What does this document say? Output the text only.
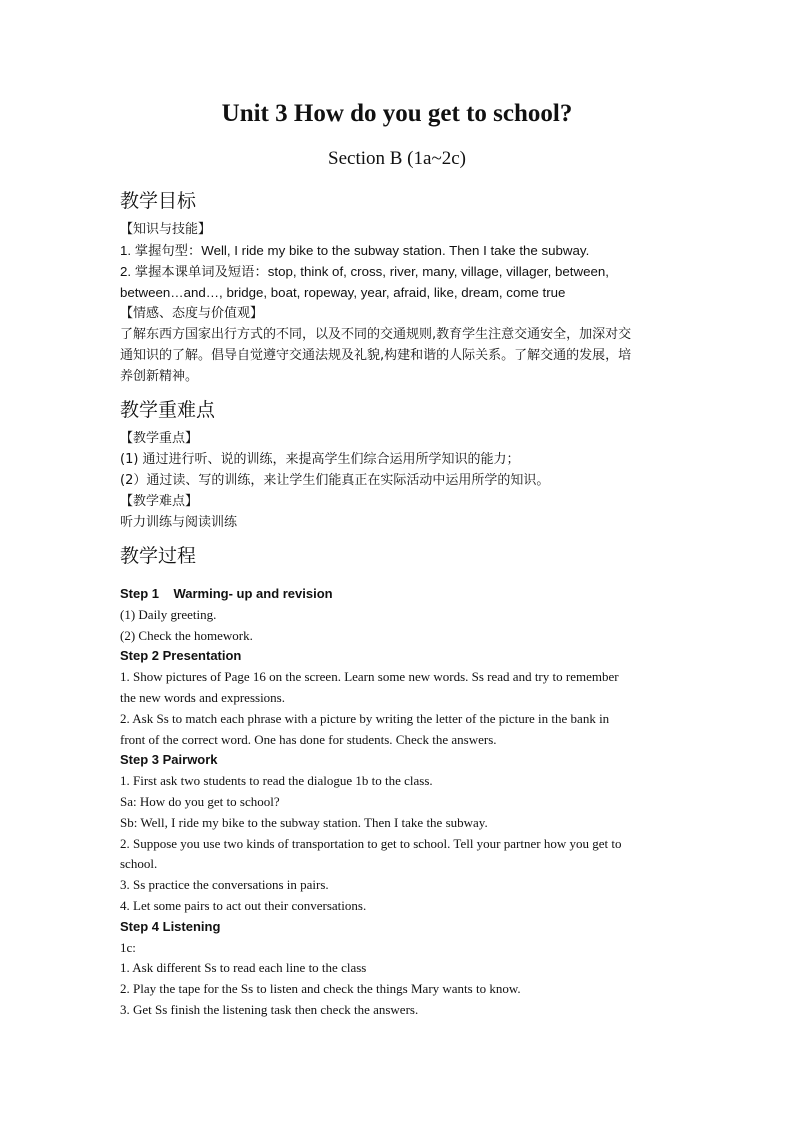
Unit 3 How do you get to school?
Section B (1a~2c)
教学目标

【知识与技能】

1. 掌握句型：Well, I ride my bike to the subway station. Then I take the subway.

2. 掌握本课单词及短语：stop, think of, cross, river, many, village, villager, between,

between…and…, bridge, boat, ropeway, year, afraid, like, dream, come true

【情感、态度与价值观】

了解东西方国家出行方式的不同，以及不同的交通规则,教育学生注意交通安全，加深对交

通知识的了解。倡导自觉遵守交通法规及礼貌,构建和谐的人际关系。了解交通的发展，培

养创新精神。

教学重难点

【教学重点】

(1) 通过进行听、说的训练，来提高学生们综合运用所学知识的能力；

(2）通过读、写的训练，来让学生们能真正在实际活动中运用所学的知识。

【教学难点】

听力训练与阅读训练

教学过程

Step 1    Warming- up and revision

(1) Daily greeting.

(2) Check the homework.

Step 2 Presentation

1. Show pictures of Page 16 on the screen. Learn some new words. Ss read and try to remember

the new words and expressions.

2. Ask Ss to match each phrase with a picture by writing the letter of the picture in the bank in

front of the correct word. One has done for students. Check the answers.

Step 3 Pairwork

1. First ask two students to read the dialogue 1b to the class.

Sa: How do you get to school?

Sb: Well, I ride my bike to the subway station. Then I take the subway.

2. Suppose you use two kinds of transportation to get to school. Tell your partner how you get to

school.

3. Ss practice the conversations in pairs.

4. Let some pairs to act out their conversations.

Step 4 Listening

1c:

1. Ask different Ss to read each line to the class

2. Play the tape for the Ss to listen and check the things Mary wants to know.

3. Get Ss finish the listening task then check the answers.
